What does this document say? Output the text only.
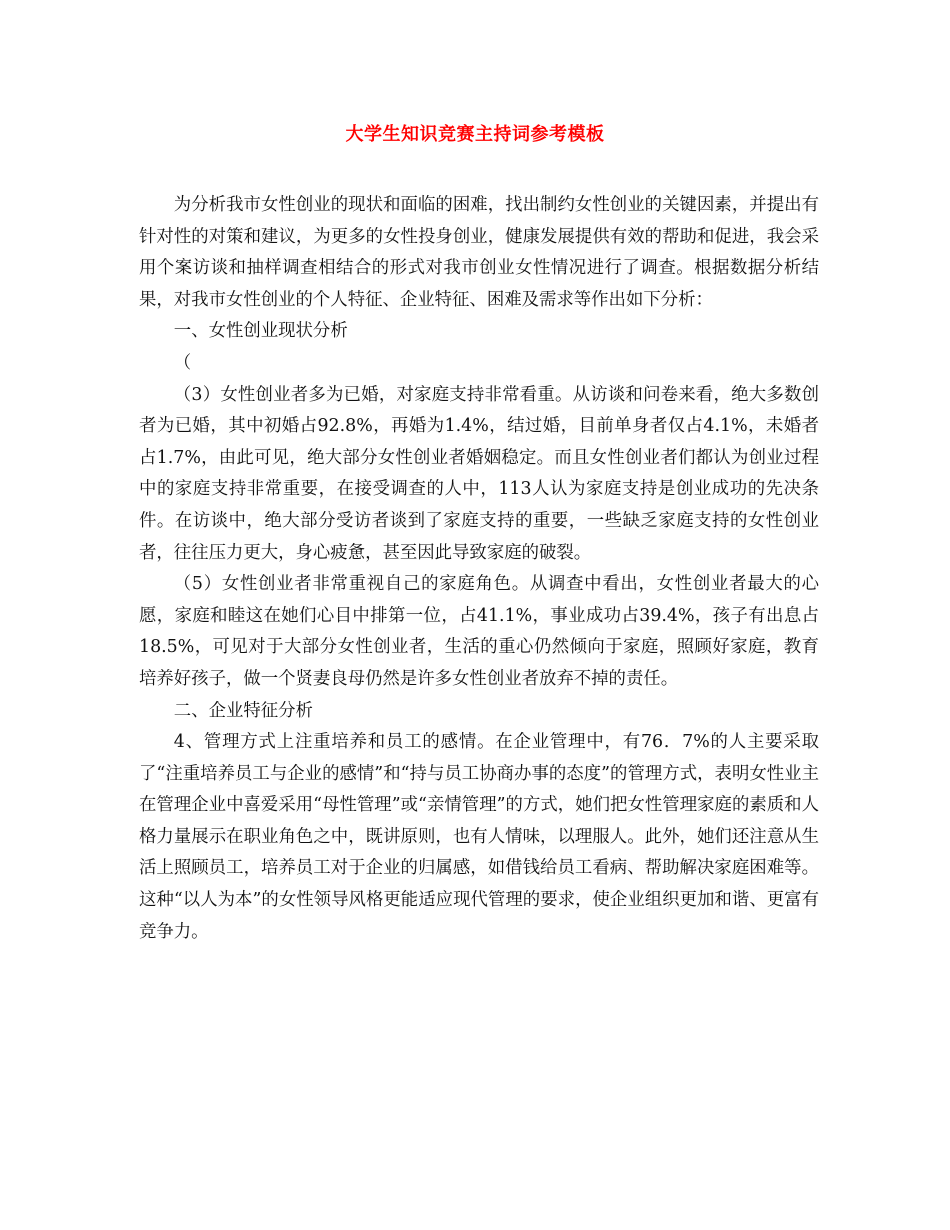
大学生知识竞赛主持词参考模板

为分析我市女性创业的现状和面临的困难，找出制约女性创业的关键因素，并提出有针对性的对策和建议，为更多的女性投身创业，健康发展提供有效的帮助和促进，我会采用个案访谈和抽样调查相结合的形式对我市创业女性情况进行了调查。根据数据分析结果，对我市女性创业的个人特征、企业特征、困难及需求等作出如下分析：

一、女性创业现状分析

（

（3）女性创业者多为已婚，对家庭支持非常看重。从访谈和问卷来看，绝大多数创者为已婚，其中初婚占92.8%，再婚为1.4%，结过婚，目前单身者仅占4.1%，未婚者占1.7%，由此可见，绝大部分女性创业者婚姻稳定。而且女性创业者们都认为创业过程中的家庭支持非常重要，在接受调查的人中，113人认为家庭支持是创业成功的先决条件。在访谈中，绝大部分受访者谈到了家庭支持的重要，一些缺乏家庭支持的女性创业者，往往压力更大，身心疲惫，甚至因此导致家庭的破裂。

（5）女性创业者非常重视自己的家庭角色。从调查中看出，女性创业者最大的心愿，家庭和睦这在她们心目中排第一位，占41.1%，事业成功占39.4%，孩子有出息占18.5%，可见对于大部分女性创业者，生活的重心仍然倾向于家庭，照顾好家庭，教育培养好孩子，做一个贤妻良母仍然是许多女性创业者放弃不掉的责任。

二、企业特征分析

4、管理方式上注重培养和员工的感情。在企业管理中，有76．7%的人主要采取了“注重培养员工与企业的感情”和“持与员工协商办事的态度”的管理方式，表明女性业主在管理企业中喜爱采用“母性管理”或“亲情管理”的方式，她们把女性管理家庭的素质和人格力量展示在职业角色之中，既讲原则，也有人情味，以理服人。此外，她们还注意从生活上照顾员工，培养员工对于企业的归属感，如借钱给员工看病、帮助解决家庭困难等。这种“以人为本”的女性领导风格更能适应现代管理的要求，使企业组织更加和谐、更富有竞争力。
